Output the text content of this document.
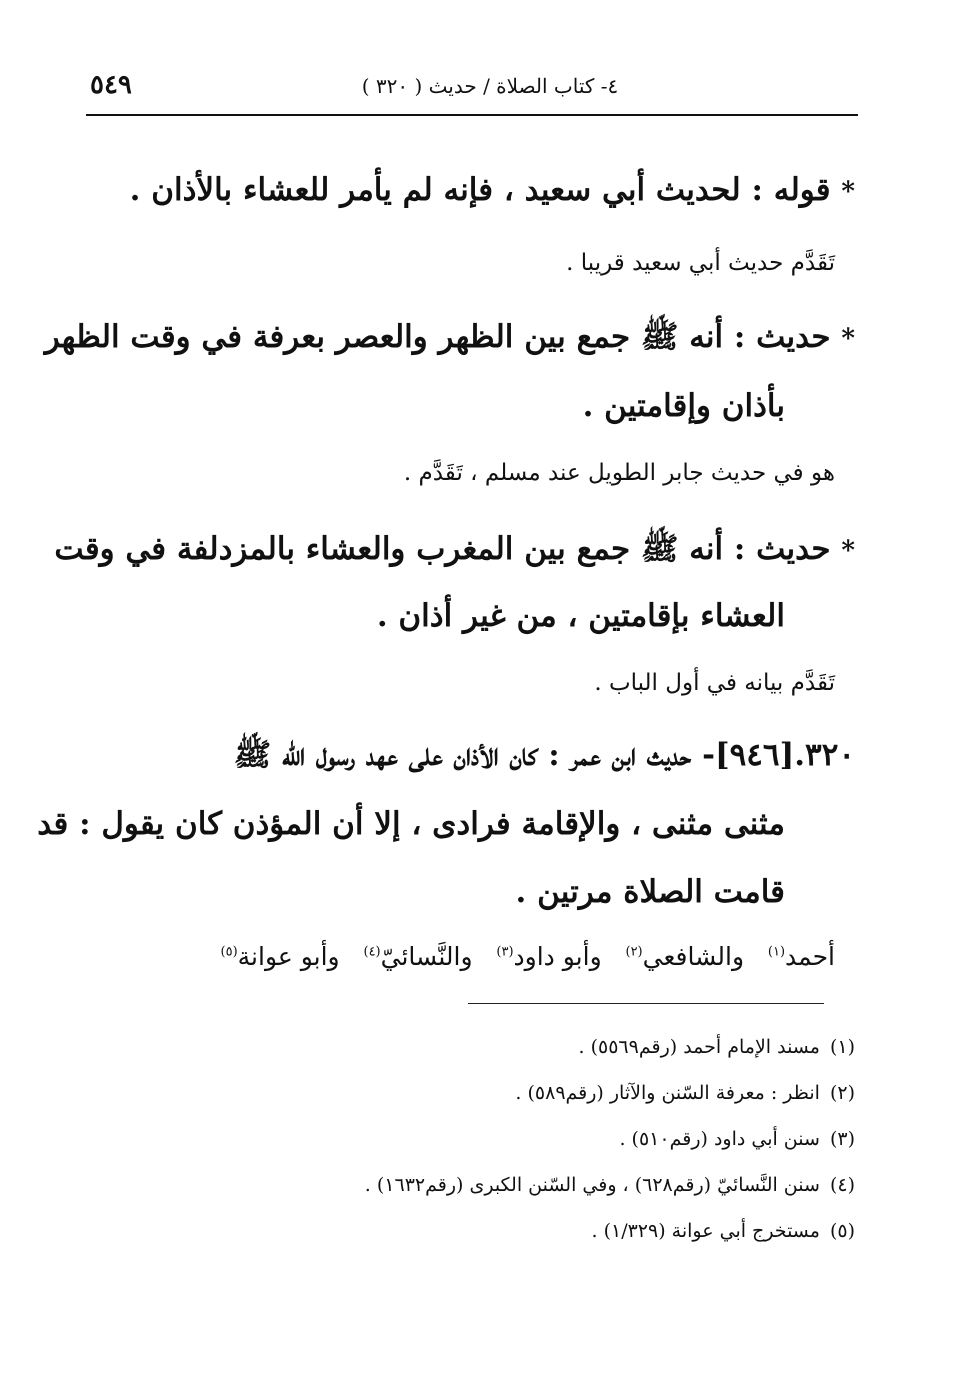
٥٤٩	٤- كتاب الصلاة / حديث ( ٣٢٠ )
* قوله : لحديث أبي سعيد ، فإنه لم يأمر للعشاء بالأذان .
تَقَدَّم حديث أبي سعيد قريبا .
* حديث : أنه ﷺ جمع بين الظهر والعصر بعرفة في وقت الظهر
بأذان وإقامتين .
هو في حديث جابر الطويل عند مسلم ، تَقَدَّم .
* حديث : أنه ﷺ جمع بين المغرب والعشاء بالمزدلفة في وقت
العشاء بإقامتين ، من غير أذان .
تَقَدَّم بيانه في أول الباب .
٣٢٠.[٩٤٦]- حديث ابن عمر : كان الأذان على عهد رسول الله ﷺ
مثنى مثنى ، والإقامة فرادى ، إلا أن المؤذن كان يقول : قد
قامت الصلاة مرتين .
أحمد$^{(١)}$   والشافعي$^{(٢)}$   وأبو داود$^{(٣)}$   والنَّسائيّ$^{(٤)}$   وأبو عوانة$^{(٥)}$
(١)مسند الإمام أحمد (رقم٥٥٦٩) .
(٢)انظر : معرفة السّنن والآثار (رقم٥٨٩) .
(٣)سنن أبي داود (رقم٥١٠) .
(٤)سنن النَّسائيّ (رقم٦٢٨) ، وفي السّنن الكبرى (رقم١٦٣٢) .
(٥)مستخرج أبي عوانة (١/٣٢٩) .
